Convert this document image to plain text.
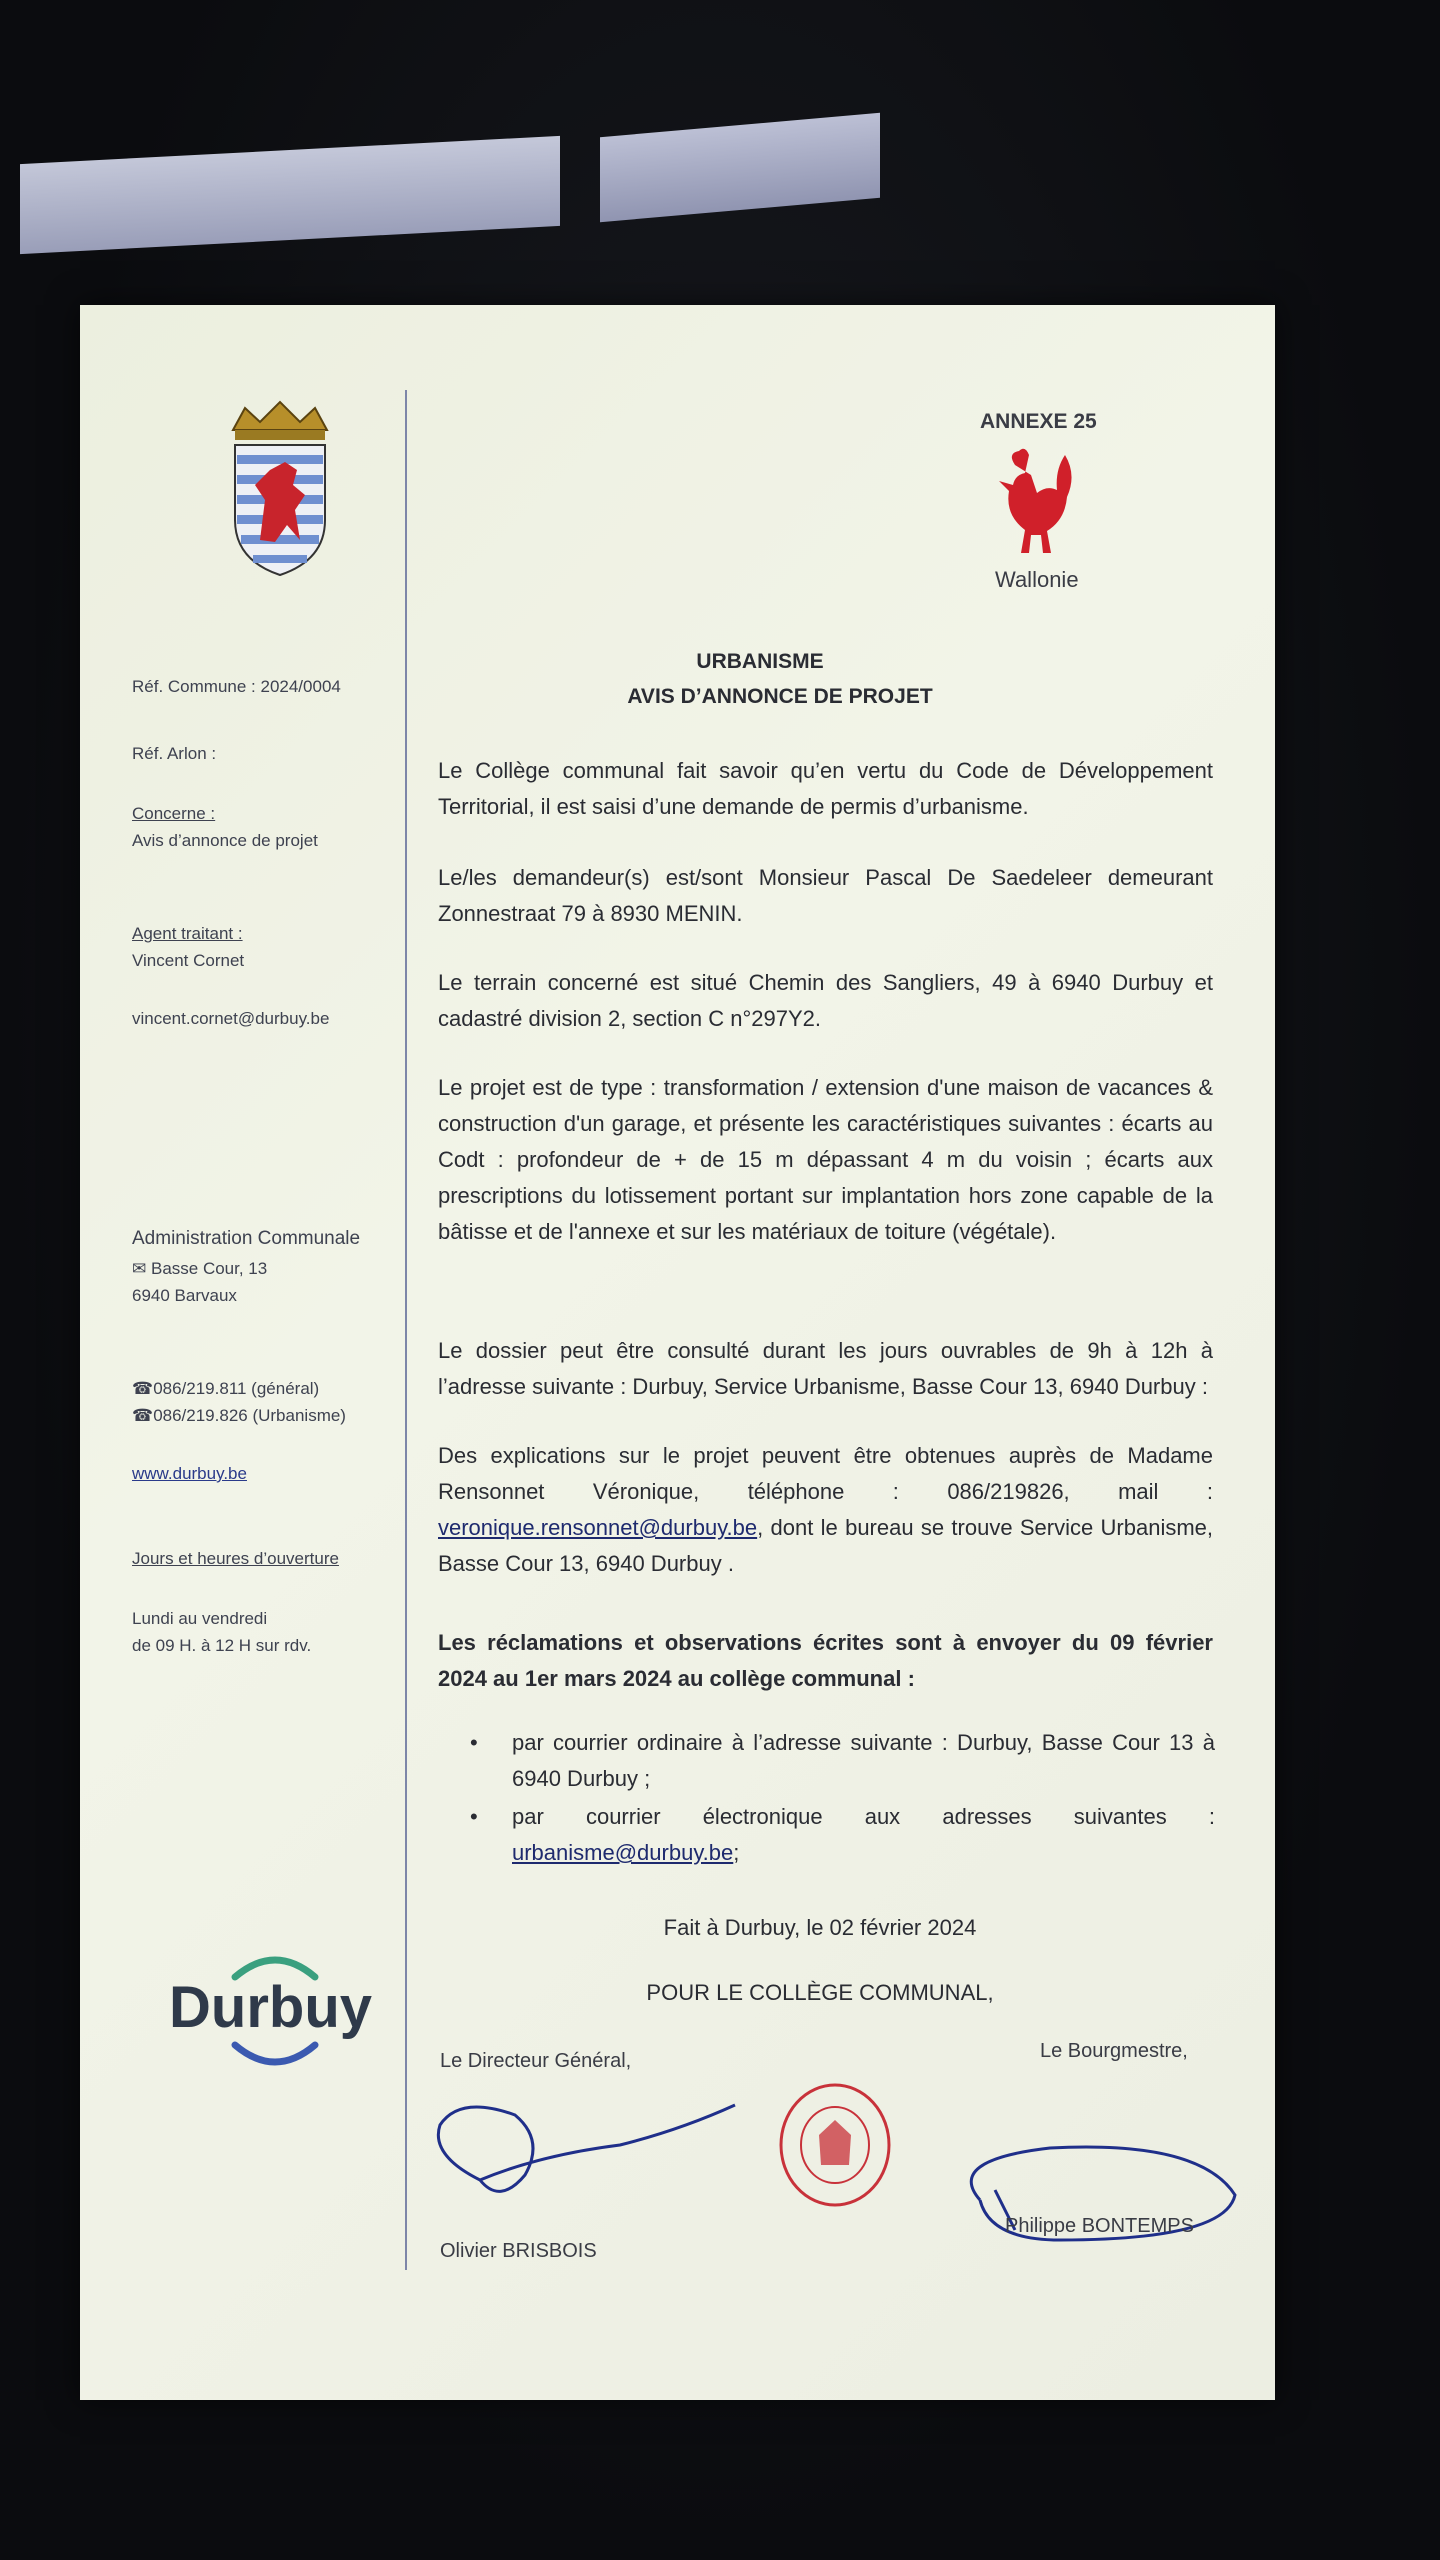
Réf. Commune : 2024/0004
Réf. Arlon :
Concerne :
Avis d’annonce de projet
Agent traitant :
Vincent Cornet
vincent.cornet@durbuy.be
Administration Communale
✉ Basse Cour, 13
6940 Barvaux
☎086/219.811 (général)
☎086/219.826 (Urbanisme)
www.durbuy.be
Jours et heures d’ouverture
Lundi au vendredi
de 09 H. à 12 H sur rdv.
Durbuy
ANNEXE 25
Wallonie
URBANISME
AVIS D’ANNONCE DE PROJET
Le Collège communal fait savoir qu’en vertu du Code de Développement Territorial, il est saisi d’une demande de permis d’urbanisme.
Le/les demandeur(s) est/sont Monsieur Pascal De Saedeleer demeurant Zonnestraat 79 à 8930 MENIN.
Le terrain concerné est situé Chemin des Sangliers, 49 à 6940 Durbuy et cadastré division 2, section C n°297Y2.
Le projet est de type : transformation / extension d'une maison de vacances & construction d'un garage, et présente les caractéristiques suivantes : écarts au Codt : profondeur de + de 15 m dépassant 4 m du voisin ; écarts aux prescriptions du lotissement portant sur implantation hors zone capable de la bâtisse et de l'annexe et sur les matériaux de toiture (végétale).
Le dossier peut être consulté durant les jours ouvrables de 9h à 12h à l’adresse suivante : Durbuy, Service Urbanisme, Basse Cour 13, 6940 Durbuy :
Des explications sur le projet peuvent être obtenues auprès de Madame Rensonnet Véronique, téléphone : 086/219826, mail : veronique.rensonnet@durbuy.be, dont le bureau se trouve Service Urbanisme, Basse Cour 13, 6940 Durbuy .
Les réclamations et observations écrites sont à envoyer du 09 février 2024 au 1er mars 2024 au collège communal :
• par courrier ordinaire à l’adresse suivante : Durbuy, Basse Cour 13 à 6940 Durbuy ;
• par courrier électronique aux adresses suivantes : urbanisme@durbuy.be;
Fait à Durbuy, le 02 février 2024
POUR LE COLLÈGE COMMUNAL,
Le Directeur Général,	Le Bourgmestre,
Olivier BRISBOIS
Philippe BONTEMPS
